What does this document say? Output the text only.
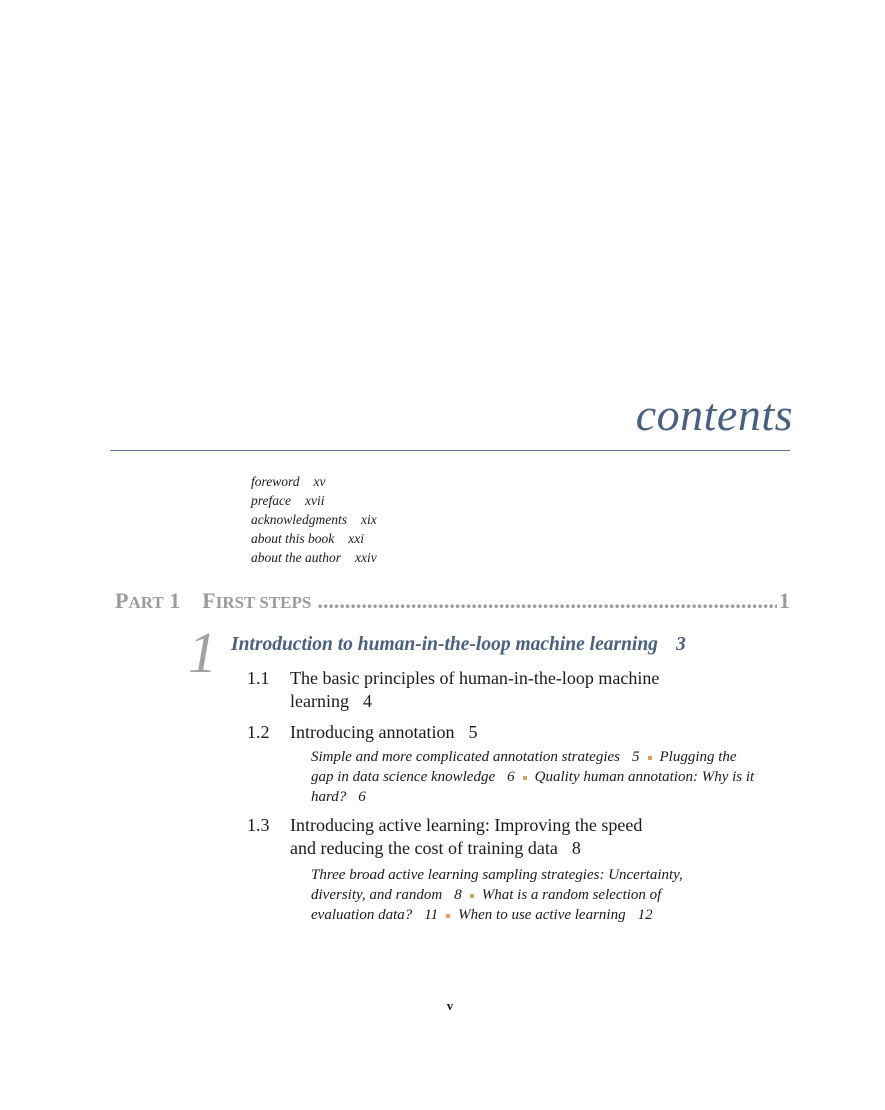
contents
foreword xv
preface xvii
acknowledgments xix
about this book xxi
about the author xxiv
P ART
1 F IRST STEPS
.....	1
1 Introduction to human-in-the-loop machine learning 3
1.1 The basic principles of human-in-the-loop machine
learning 4
1.2 Introducing annotation 5
Simple and more complicated annotation strategies 5 Plugging the gap in data science knowledge 6 Quality human annotation: Why is it hard? 6
1.3 Introducing active learning: Improving the speed
and reducing the cost of training data 8
Three broad active learning sampling strategies: Uncertainty, diversity, and random 8 What is a random selection of evaluation data? 11 When to use active learning 12
v
